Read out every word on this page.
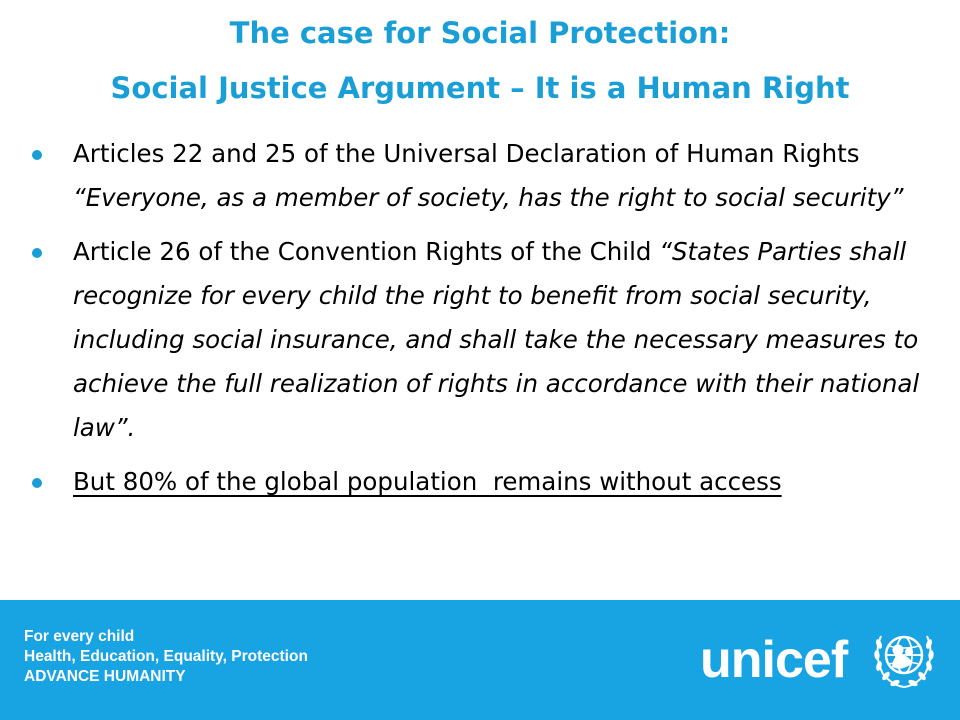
The case for Social Protection:
Social Justice Argument – It is a Human Right
Articles 22 and 25 of the Universal Declaration of Human Rights “Everyone, as a member of society, has the right to social security”
Article 26 of the Convention Rights of the Child “States Parties shall recognize for every child the right to benefit from social security, including social insurance, and shall take the necessary measures to achieve the full realization of rights in accordance with their national law”.
But 80% of the global population  remains without access
For every child
Health, Education, Equality, Protection
ADVANCE HUMANITY	unicef
